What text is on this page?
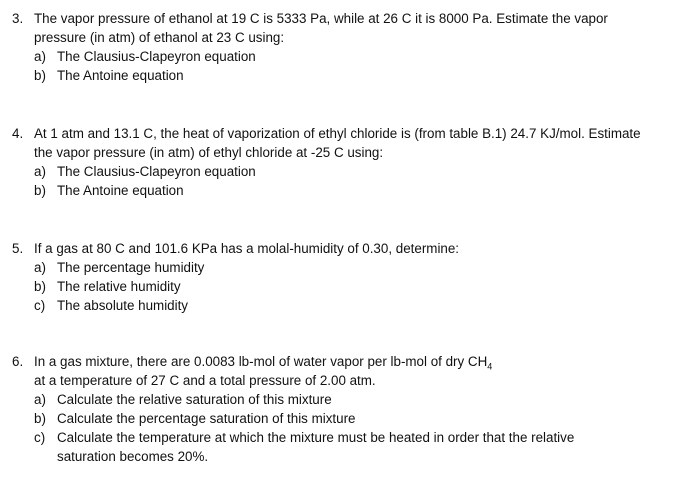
3. The vapor pressure of ethanol at 19 C is 5333 Pa, while at 26 C it is 8000 Pa. Estimate the vapor
pressure (in atm) of ethanol at 23 C using:
a) The Clausius-Clapeyron equation
b) The Antoine equation
4. At 1 atm and 13.1 C, the heat of vaporization of ethyl chloride is (from table B.1) 24.7 KJ/mol. Estimate
the vapor pressure (in atm) of ethyl chloride at -25 C using:
a) The Clausius-Clapeyron equation
b) The Antoine equation
5. If a gas at 80 C and 101.6 KPa has a molal-humidity of 0.30, determine:
a) The percentage humidity
b) The relative humidity
c) The absolute humidity
6. In a gas mixture, there are 0.0083 lb-mol of water vapor per lb-mol of dry $CH_4$
at a temperature of 27 C and a total pressure of 2.00 atm.
a) Calculate the relative saturation of this mixture
b) Calculate the percentage saturation of this mixture
c) Calculate the temperature at which the mixture must be heated in order that the relative
saturation becomes 20%.
